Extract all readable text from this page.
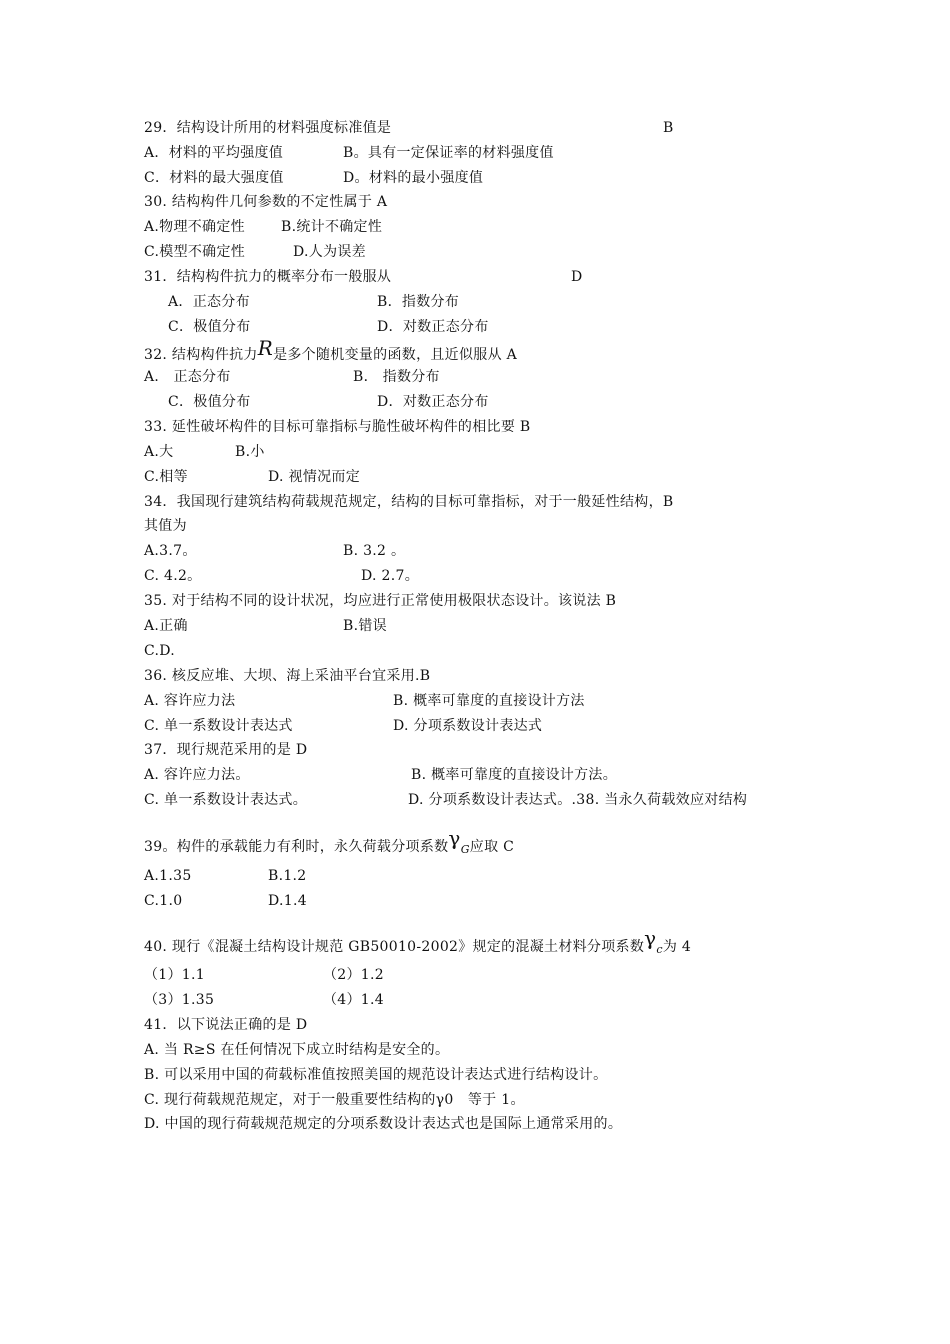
29．结构设计所用的材料强度标准值是	B
A．材料的平均强度值	B。具有一定保证率的材料强度值
C．材料的最大强度值	D。材料的最小强度值
30. 结构构件几何参数的不定性属于 A
A.物理不确定性	B.统计不确定性
C.模型不确定性	D.人为误差
31．结构构件抗力的概率分布一般服从	D
A．正态分布	B．指数分布
C．极值分布	D．对数正态分布
32. 结构构件抗力R是多个随机变量的函数，且近似服从 A
A． 正态分布	B． 指数分布
C．极值分布	D．对数正态分布
33. 延性破坏构件的目标可靠指标与脆性破坏构件的相比要 B
A.大	B.小
C.相等	D. 视情况而定
34．我国现行建筑结构荷载规范规定，结构的目标可靠指标，对于一般延性结构，B
其值为
A.3.7。	B. 3.2 。
C. 4.2。	D. 2.7。
35. 对于结构不同的设计状况，均应进行正常使用极限状态设计。该说法 B
A.正确	B.错误
C.D.
36. 核反应堆、大坝、海上采油平台宜采用.B
A. 容许应力法	B. 概率可靠度的直接设计方法
C. 单一系数设计表达式	D. 分项系数设计表达式
37．现行规范采用的是 D
A. 容许应力法。	B. 概率可靠度的直接设计方法。
C. 单一系数设计表达式。	D. 分项系数设计表达式。.38. 当永久荷载效应对结构
39。构件的承载能力有利时，永久荷载分项系数γG应取 C
A.1.35	B.1.2
C.1.0	D.1.4
40. 现行《混凝土结构设计规范 GB50010-2002》规定的混凝土材料分项系数γc为 4
（1）1.1	（2）1.2
（3）1.35	（4）1.4
41．以下说法正确的是 D
A. 当 R≥S 在任何情况下成立时结构是安全的。
B. 可以采用中国的荷载标准值按照美国的规范设计表达式进行结构设计。
C. 现行荷载规范规定，对于一般重要性结构的γ0　等于 1。
D. 中国的现行荷载规范规定的分项系数设计表达式也是国际上通常采用的。
